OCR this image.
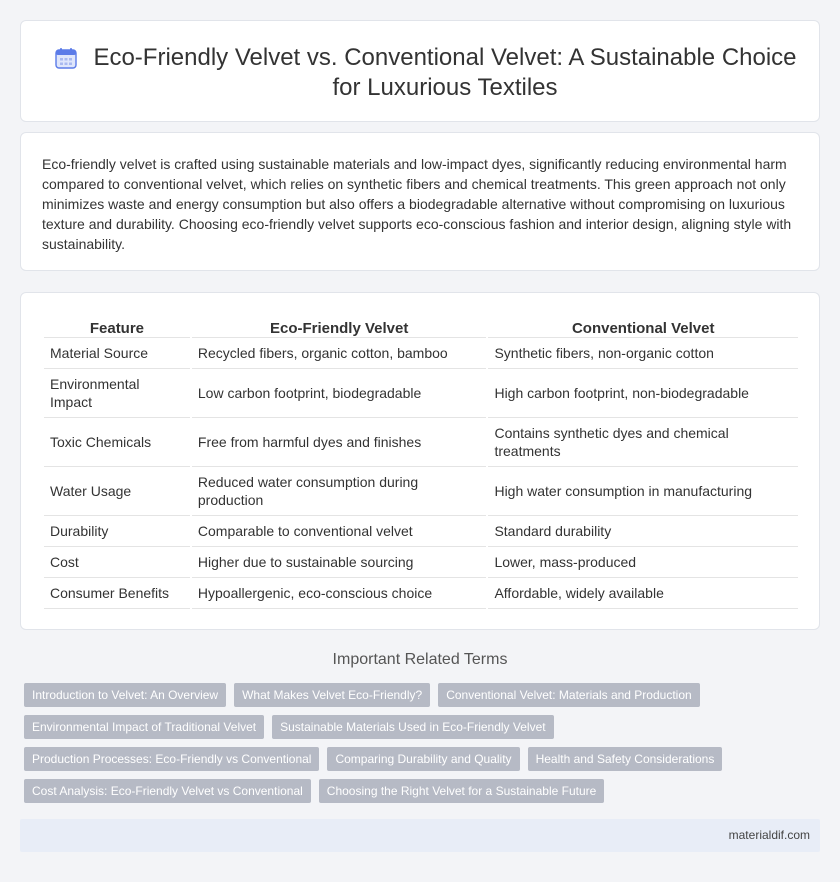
Eco-Friendly Velvet vs. Conventional Velvet: A Sustainable Choice for Luxurious Textiles

Eco-friendly velvet is crafted using sustainable materials and low-impact dyes, significantly reducing environmental harm compared to conventional velvet, which relies on synthetic fibers and chemical treatments. This green approach not only minimizes waste and energy consumption but also offers a biodegradable alternative without compromising on luxurious texture and durability. Choosing eco-friendly velvet supports eco-conscious fashion and interior design, aligning style with sustainability.

Feature	Eco-Friendly Velvet	Conventional Velvet
Material Source	Recycled fibers, organic cotton, bamboo	Synthetic fibers, non-organic cotton
Environmental Impact	Low carbon footprint, biodegradable	High carbon footprint, non-biodegradable
Toxic Chemicals	Free from harmful dyes and finishes	Contains synthetic dyes and chemical treatments
Water Usage	Reduced water consumption during production	High water consumption in manufacturing
Durability	Comparable to conventional velvet	Standard durability
Cost	Higher due to sustainable sourcing	Lower, mass-produced
Consumer Benefits	Hypoallergenic, eco-conscious choice	Affordable, widely available
Important Related Terms
Introduction to Velvet: An Overview	What Makes Velvet Eco-Friendly?	Conventional Velvet: Materials and Production
Environmental Impact of Traditional Velvet	Sustainable Materials Used in Eco-Friendly Velvet
Production Processes: Eco-Friendly vs Conventional	Comparing Durability and Quality	Health and Safety Considerations
Cost Analysis: Eco-Friendly Velvet vs Conventional	Choosing the Right Velvet for a Sustainable Future
materialdif.com
